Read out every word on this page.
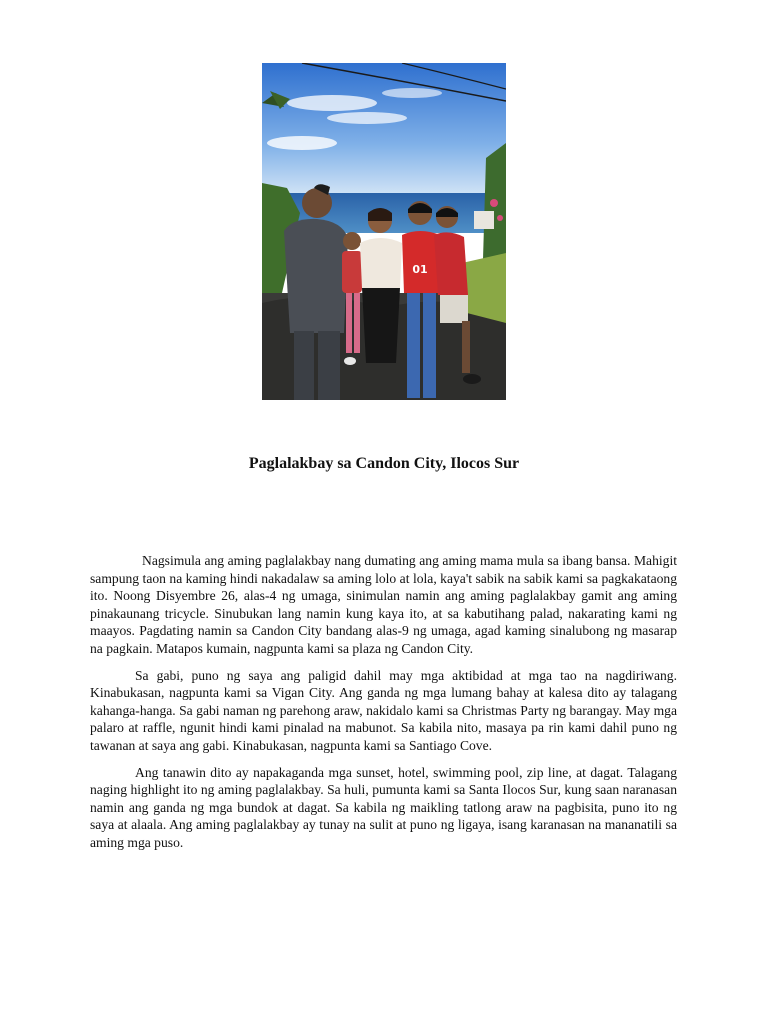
01
Paglalakbay sa Candon City, Ilocos Sur

Nagsimula ang aming paglalakbay nang dumating ang aming mama mula sa ibang bansa. Mahigit sampung taon na kaming hindi nakadalaw sa aming lolo at lola, kaya't sabik na sabik kami sa pagkakataong ito. Noong Disyembre 26, alas-4 ng umaga, sinimulan namin ang aming paglalakbay gamit ang aming pinakaunang tricycle. Sinubukan lang namin kung kaya ito, at sa kabutihang palad, nakarating kami ng maayos. Pagdating namin sa Candon City bandang alas-9 ng umaga, agad kaming sinalubong ng masarap na pagkain. Matapos kumain, nagpunta kami sa plaza ng Candon City.

Sa gabi, puno ng saya ang paligid dahil may mga aktibidad at mga tao na nagdiriwang. Kinabukasan, nagpunta kami sa Vigan City. Ang ganda ng mga lumang bahay at kalesa dito ay talagang kahanga-hanga. Sa gabi naman ng parehong araw, nakidalo kami sa Christmas Party ng barangay. May mga palaro at raffle, ngunit hindi kami pinalad na mabunot. Sa kabila nito, masaya pa rin kami dahil puno ng tawanan at saya ang gabi. Kinabukasan, nagpunta kami sa Santiago Cove.

Ang tanawin dito ay napakaganda mga sunset, hotel, swimming pool, zip line, at dagat. Talagang naging highlight ito ng aming paglalakbay. Sa huli, pumunta kami sa Santa Ilocos Sur, kung saan naranasan namin ang ganda ng mga bundok at dagat. Sa kabila ng maikling tatlong araw na pagbisita, puno ito ng saya at alaala. Ang aming paglalakbay ay tunay na sulit at puno ng ligaya, isang karanasan na mananatili sa aming mga puso.
